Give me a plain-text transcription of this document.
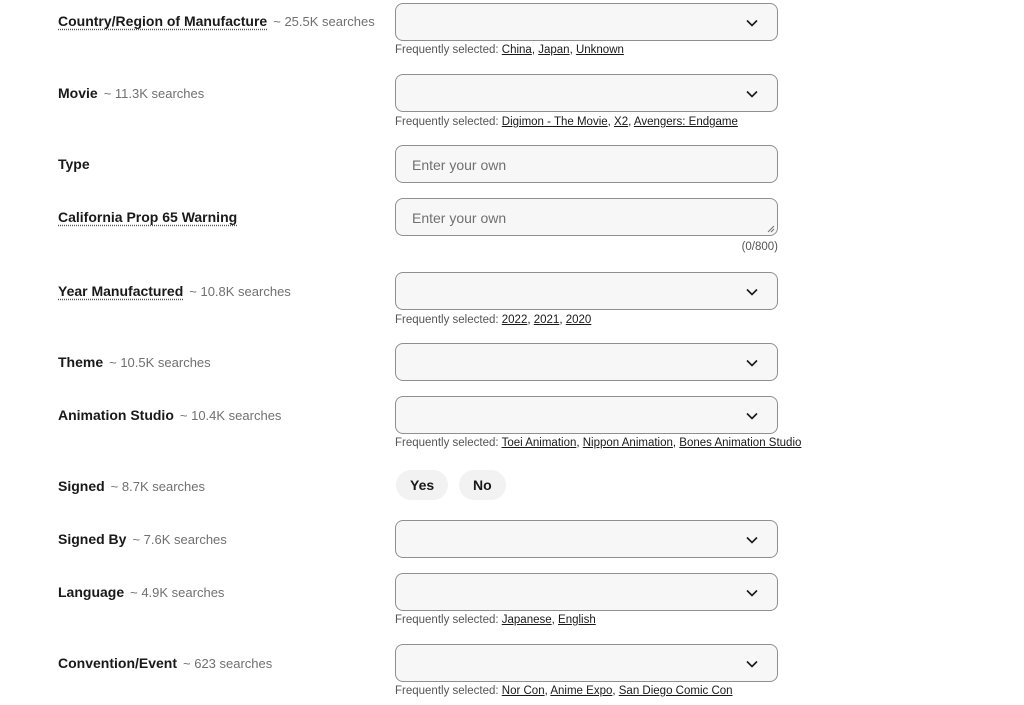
Country/Region of Manufacture ~ 25.5K searches
Frequently selected: China, Japan, Unknown
Movie ~ 11.3K searches
Frequently selected: Digimon - The Movie, X2, Avengers: Endgame
Type	Enter your own
California Prop 65 Warning	Enter your own
(0/800)
Year Manufactured ~ 10.8K searches
Frequently selected: 2022, 2021, 2020
Theme ~ 10.5K searches
Animation Studio ~ 10.4K searches
Frequently selected: Toei Animation, Nippon Animation, Bones Animation Studio
Signed ~ 8.7K searches	Yes	No
Signed By ~ 7.6K searches
Language ~ 4.9K searches
Frequently selected: Japanese, English
Convention/Event ~ 623 searches
Frequently selected: Nor Con, Anime Expo, San Diego Comic Con
